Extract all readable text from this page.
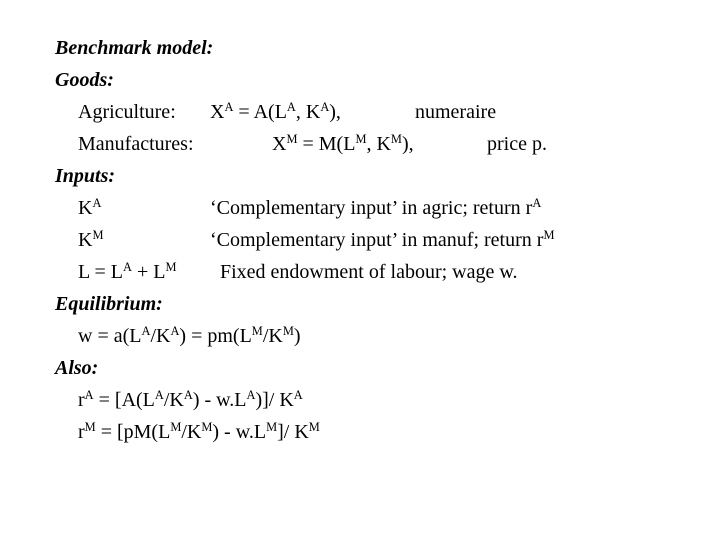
Benchmark model:
Goods:
Agriculture: $X^A = A(L^A$, $K^A$),	numeraire
Manufactures:	$X^M = M(L^M$, $K^M$),	price p.
Inputs:
$K^A$	‘Complementary input’ in agric; return $r^A$
$K^M$	‘Complementary input’ in manuf; return $r^M$
$L = L^A + L^M$ Fixed endowment of labour; wage w.
Equilibrium:
$w = a(L^A/K^A) = pm(L^M/K^M)$
Also:
$r^A = [A(L^A/K^A) - w.L^A)]/$ $K^A$
$r^M = [pM(L^M/K^M) - w.L^M]/$ $K^M$
